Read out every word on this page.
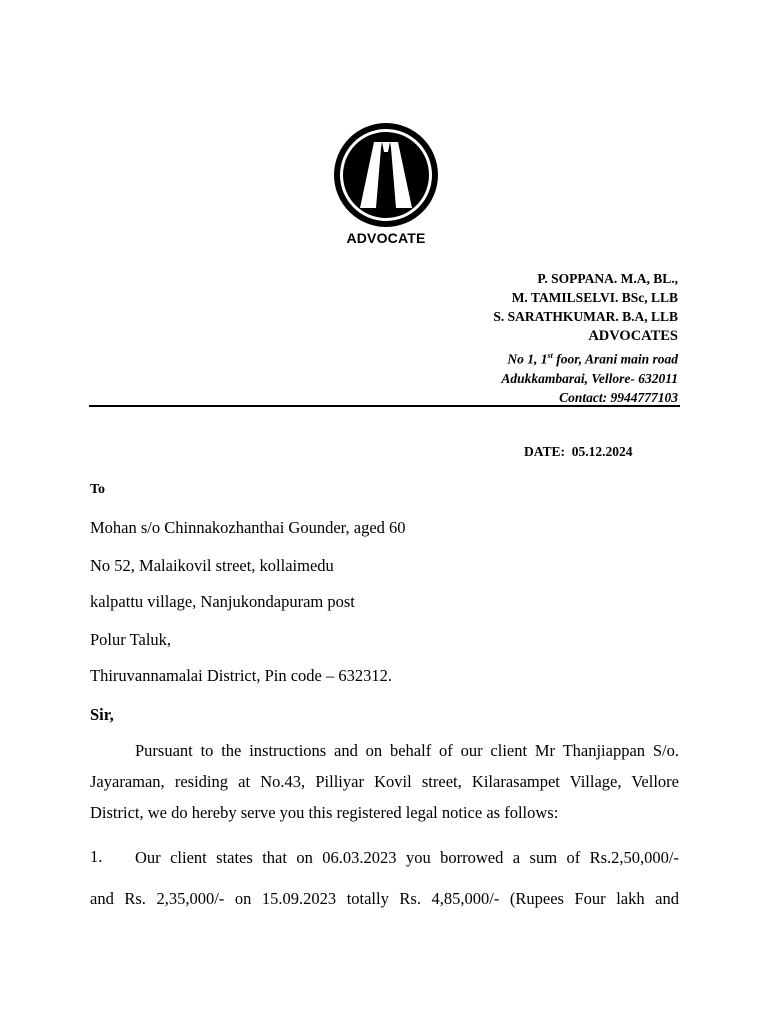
ADVOCATE
P. SOPPANA. M.A, BL.,
M. TAMILSELVI. BSc, LLB
S. SARATHKUMAR. B.A, LLB
ADVOCATES
No 1, 1st foor, Arani main road
Adukkambarai, Vellore- 632011
Contact: 9944777103
DATE: 05.12.2024
To
Mohan s/o Chinnakozhanthai Gounder, aged 60
No 52, Malaikovil street, kollaimedu
kalpattu village, Nanjukondapuram post
Polur Taluk,
Thiruvannamalai District, Pin code – 632312.
Sir,
Pursuant to the instructions and on behalf of our client Mr Thanjiappan S/o.
Jayaraman, residing at No.43, Pilliyar Kovil street, Kilarasampet Village, Vellore
District, we do hereby serve you this registered legal notice as follows:
1.	Our client states that on 06.03.2023 you borrowed a sum of Rs.2,50,000/-
and Rs. 2,35,000/- on 15.09.2023 totally Rs. 4,85,000/- (Rupees Four lakh and
